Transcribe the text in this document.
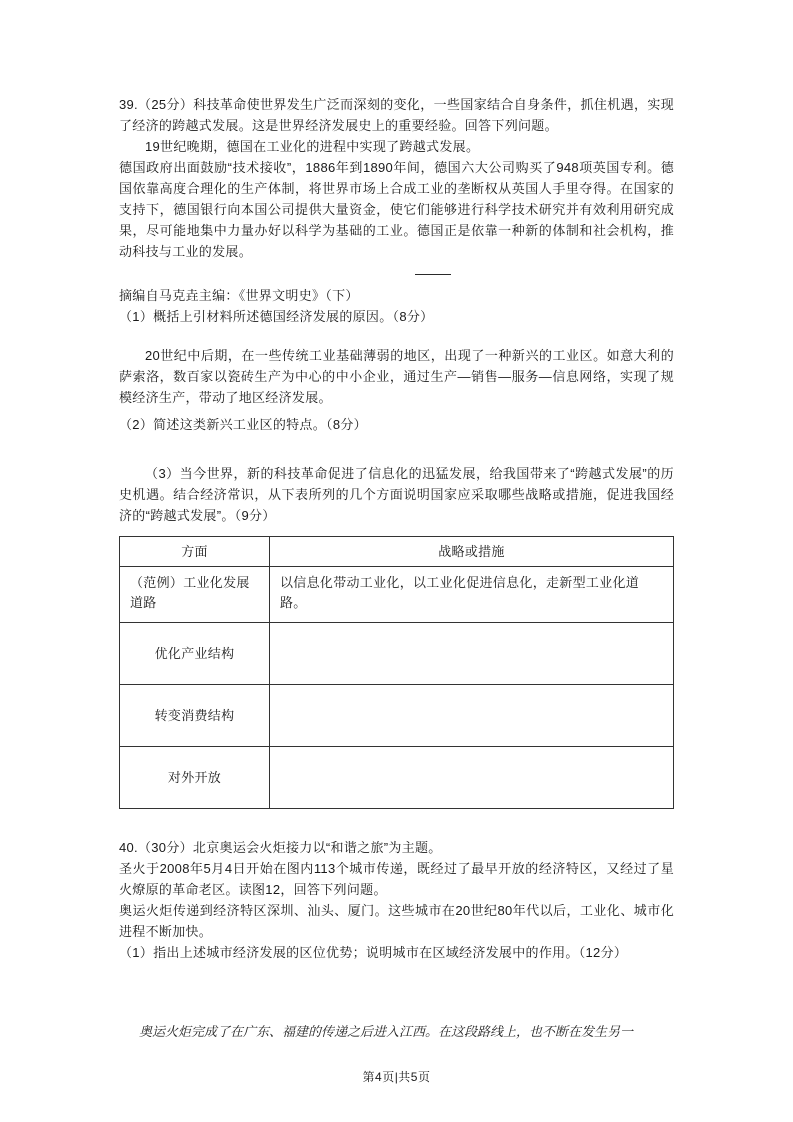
39.（25分）科技革命使世界发生广泛而深刻的变化，一些国家结合自身条件，抓住机遇，实现了经济的跨越式发展。这是世界经济发展史上的重要经验。回答下列问题。

19世纪晚期，德国在工业化的进程中实现了跨越式发展。

德国政府出面鼓励“技术接收”，1886年到1890年间，德国六大公司购买了948项英国专利。德国依靠高度合理化的生产体制，将世界市场上合成工业的垄断权从英国人手里夺得。在国家的支持下，德国银行向本国公司提供大量资金，使它们能够进行科学技术研究并有效利用研究成果，尽可能地集中力量办好以科学为基础的工业。德国正是依靠一种新的体制和社会机构，推动科技与工业的发展。

摘编自马克垚主编：《世界文明史》（下）

（1）概括上引材料所述德国经济发展的原因。（8分）

20世纪中后期，在一些传统工业基础薄弱的地区，出现了一种新兴的工业区。如意大利的萨索洛，数百家以瓷砖生产为中心的中小企业，通过生产—销售—服务—信息网络，实现了规模经济生产，带动了地区经济发展。

（2）简述这类新兴工业区的特点。（8分）

（3）当今世界，新的科技革命促进了信息化的迅猛发展，给我国带来了“跨越式发展”的历史机遇。结合经济常识，从下表所列的几个方面说明国家应采取哪些战略或措施，促进我国经济的“跨越式发展”。（9分）

方面	战略或措施
（范例）工业化发展道路	以信息化带动工业化，以工业化促进信息化，走新型工业化道路。
优化产业结构	
转变消费结构	
对外开放	

40.（30分）北京奥运会火炬接力以“和谐之旅”为主题。

圣火于2008年5月4日开始在图内113个城市传递，既经过了最早开放的经济特区，又经过了星火燎原的革命老区。读图12，回答下列问题。

奥运火炬传递到经济特区深圳、汕头、厦门。这些城市在20世纪80年代以后，工业化、城市化进程不断加快。

（1）指出上述城市经济发展的区位优势；说明城市在区域经济发展中的作用。（12分）

奥运火炬完成了在广东、福建的传递之后进入江西。在这段路线上，也不断在发生另一

第4页|共5页
